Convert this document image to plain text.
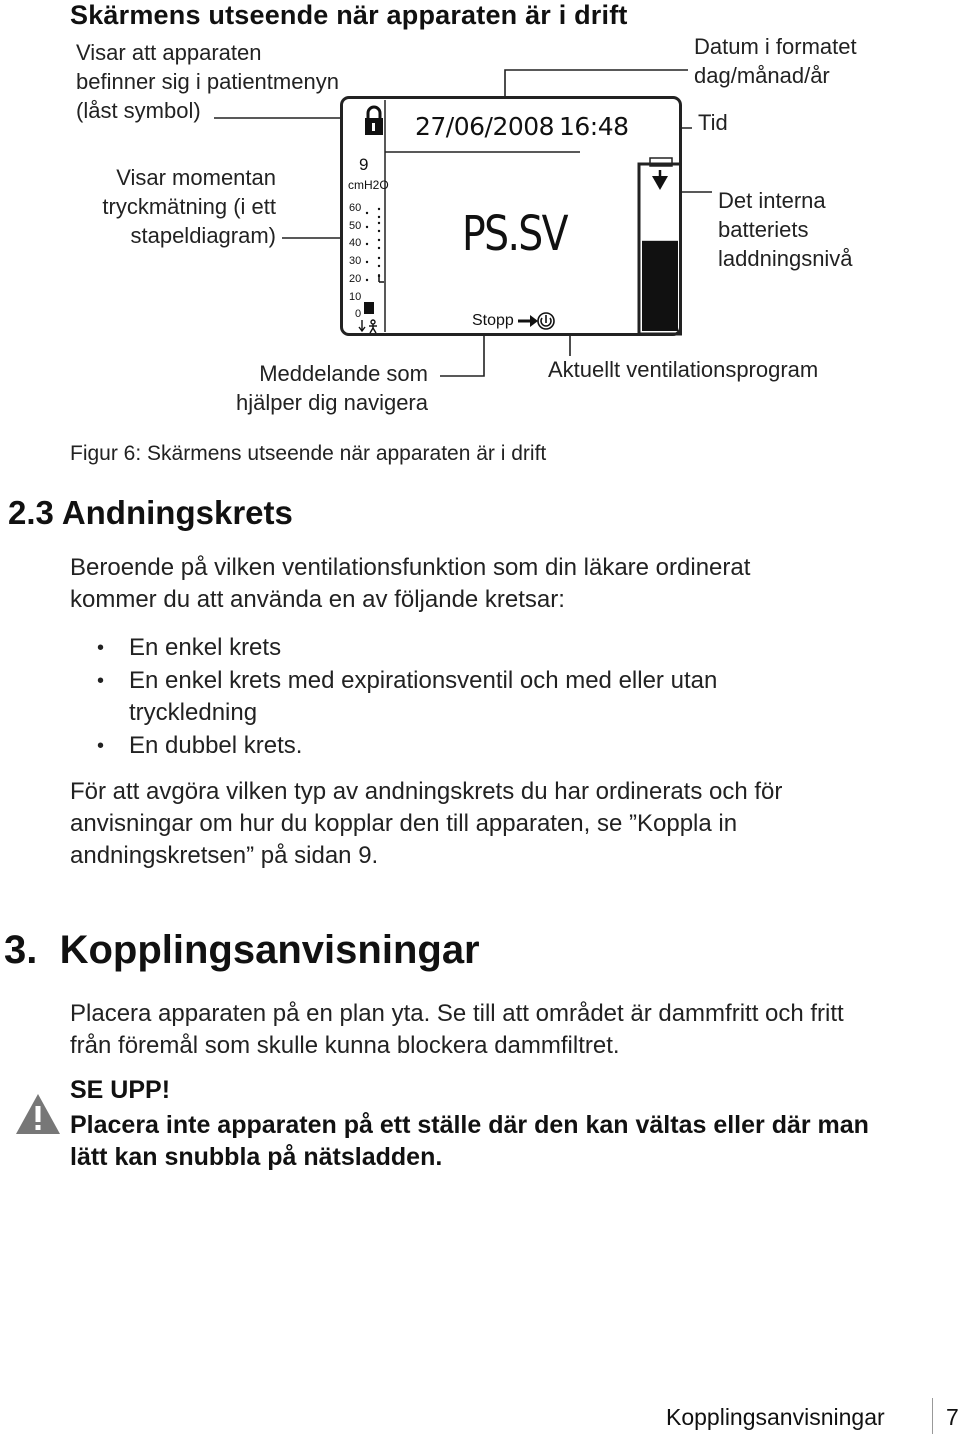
Skärmens utseende när apparaten är i drift
Visar att apparaten
befinner sig i patientmenyn
(låst symbol)
Visar momentan
tryckmätning (i ett
stapeldiagram)
Datum i formatet
dag/månad/år
Tid
Det interna
batteriets
laddningsnivå
Meddelande som
hjälper dig navigera
Aktuellt ventilationsprogram
27/06/2008 16:48
9
cmH2O
60
50
40
30
20
10
0
PS.SV
Stopp
Figur 6: Skärmens utseende när apparaten är i drift
2.3 Andningskrets
Beroende på vilken ventilationsfunktion som din läkare ordinerat
kommer du att använda en av följande kretsar:
• En enkel krets
• En enkel krets med expirationsventil och med eller utan tryckledning
• En dubbel krets.
För att avgöra vilken typ av andningskrets du har ordinerats och för
anvisningar om hur du kopplar den till apparaten, se ”Koppla in
andningskretsen” på sidan 9.
3.  Kopplingsanvisningar
Placera apparaten på en plan yta. Se till att området är dammfritt och fritt
från föremål som skulle kunna blockera dammfiltret.
SE UPP!
Placera inte apparaten på ett ställe där den kan vältas eller där man lätt kan snubbla på nätsladden.
Kopplingsanvisningar	7
